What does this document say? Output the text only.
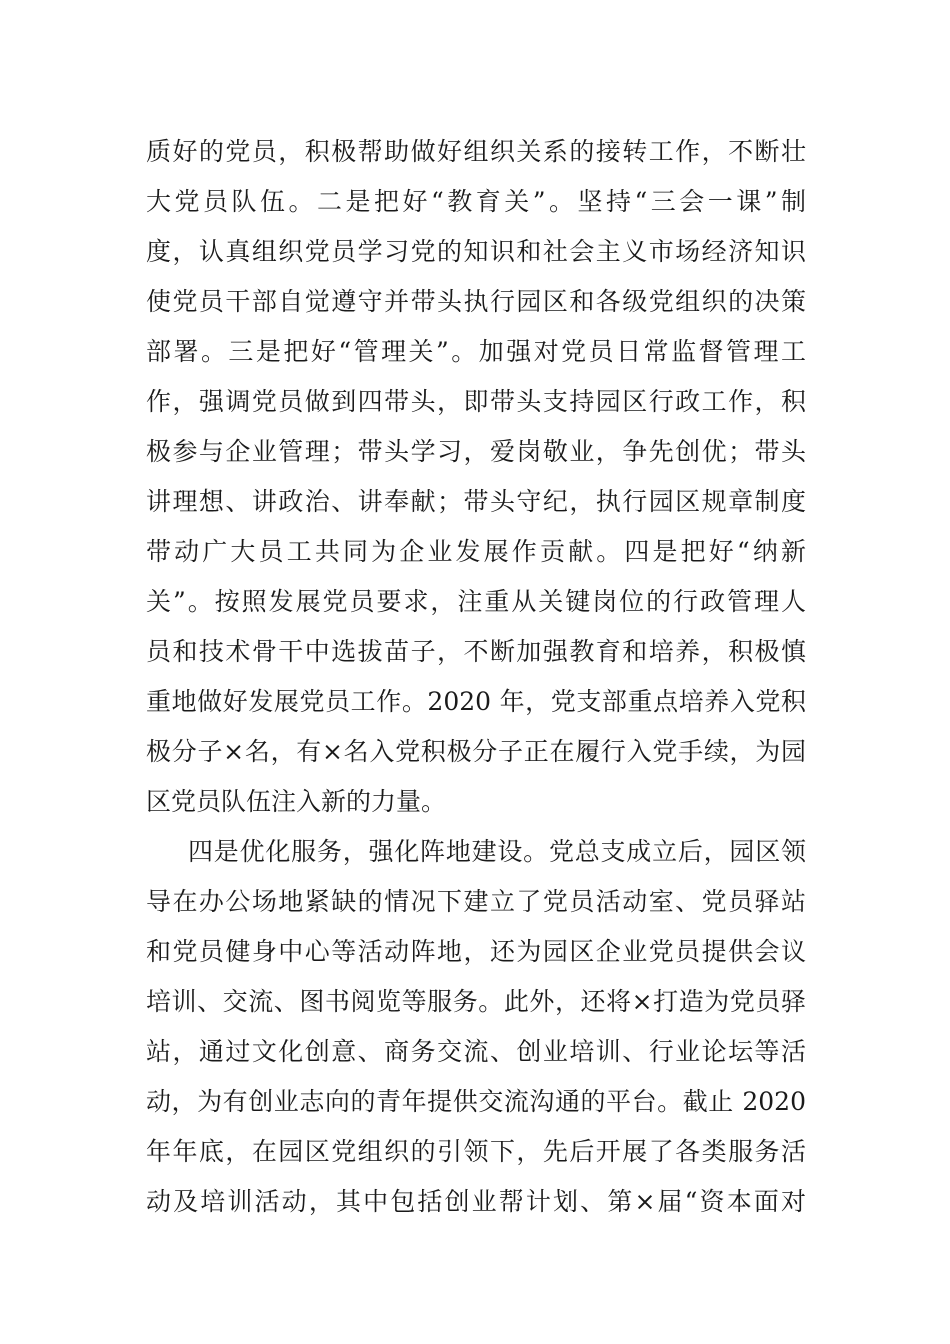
质好的党员，积极帮助做好组织关系的接转工作，不断壮
大党员队伍。二是把好“教育关”。坚持“三会一课”制
度，认真组织党员学习党的知识和社会主义市场经济知识
使党员干部自觉遵守并带头执行园区和各级党组织的决策
部署。三是把好“管理关”。加强对党员日常监督管理工
作，强调党员做到四带头，即带头支持园区行政工作，积
极参与企业管理；带头学习，爱岗敬业，争先创优；带头
讲理想、讲政治、讲奉献；带头守纪，执行园区规章制度
带动广大员工共同为企业发展作贡献。四是把好“纳新
关”。按照发展党员要求，注重从关键岗位的行政管理人
员和技术骨干中选拔苗子，不断加强教育和培养，积极慎
重地做好发展党员工作。2020 年，党支部重点培养入党积
极分子×名，有×名入党积极分子正在履行入党手续，为园
区党员队伍注入新的力量。
四是优化服务，强化阵地建设。党总支成立后，园区领
导在办公场地紧缺的情况下建立了党员活动室、党员驿站
和党员健身中心等活动阵地，还为园区企业党员提供会议
培训、交流、图书阅览等服务。此外，还将×打造为党员驿
站，通过文化创意、商务交流、创业培训、行业论坛等活
动，为有创业志向的青年提供交流沟通的平台。截止 2020
年年底，在园区党组织的引领下，先后开展了各类服务活
动及培训活动，其中包括创业帮计划、第×届“资本面对
